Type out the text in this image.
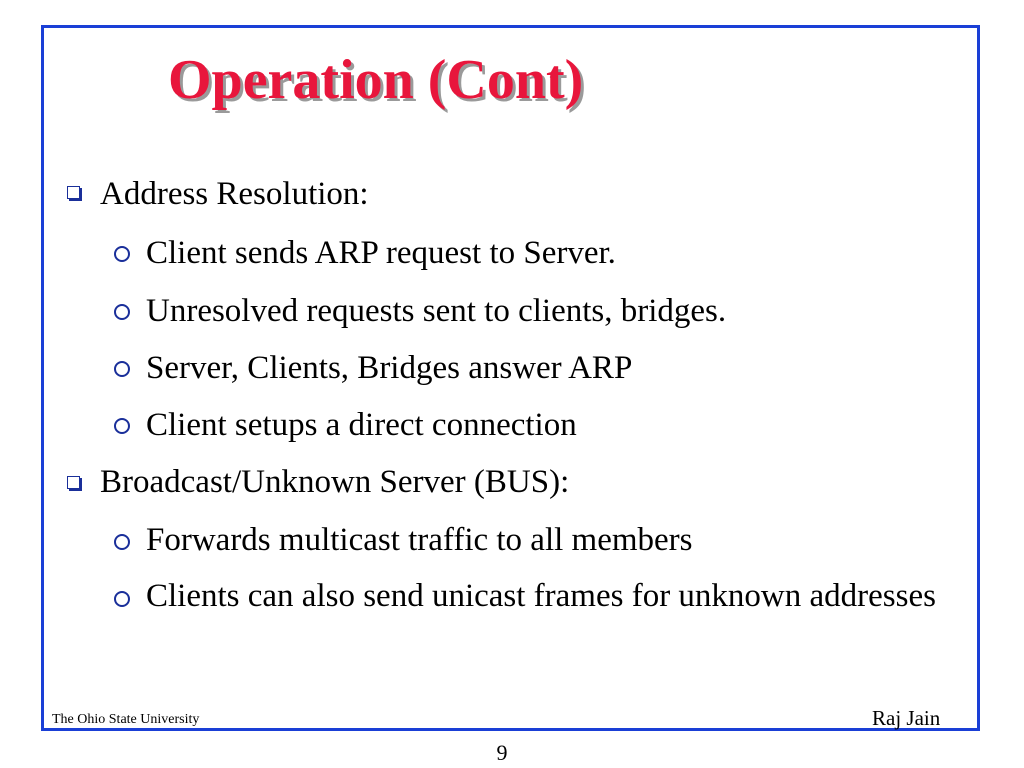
Operation (Cont)
Address Resolution:
Client sends ARP request to Server.
Unresolved requests sent to clients, bridges.
Server, Clients, Bridges answer ARP
Client setups a direct connection
Broadcast/Unknown Server (BUS):
Forwards multicast traffic to all members
Clients can also send unicast frames for unknown addresses
The Ohio State University	Raj Jain
9
